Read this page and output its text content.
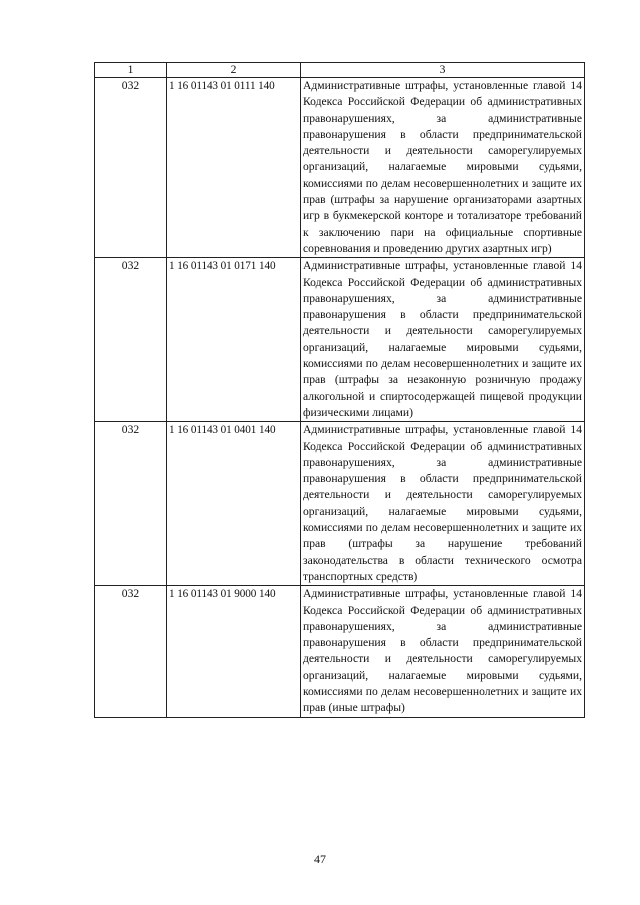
1	2	3
032	1 16 01143 01 0111 140	Административные штрафы, установленные главой 14 Кодекса Российской Федерации об административных правонарушениях, за административные правонарушения в области предпринимательской деятельности и деятельности саморегулируемых организаций, налагаемые мировыми судьями, комиссиями по делам несовершеннолетних и защите их прав (штрафы за нарушение организаторами азартных игр в букмекерской конторе и тотализаторе требований к заключению пари на официальные спортивные соревнования и проведению других азартных игр)
032	1 16 01143 01 0171 140	Административные штрафы, установленные главой 14 Кодекса Российской Федерации об административных правонарушениях, за административные правонарушения в области предпринимательской деятельности и деятельности саморегулируемых организаций, налагаемые мировыми судьями, комиссиями по делам несовершеннолетних и защите их прав (штрафы за незаконную розничную продажу алкогольной и спиртосодержащей пищевой продукции физическими лицами)
032	1 16 01143 01 0401 140	Административные штрафы, установленные главой 14 Кодекса Российской Федерации об административных правонарушениях, за административные правонарушения в области предпринимательской деятельности и деятельности саморегулируемых организаций, налагаемые мировыми судьями, комиссиями по делам несовершеннолетних и защите их прав (штрафы за нарушение требований законодательства в области технического осмотра транспортных средств)
032	1 16 01143 01 9000 140	Административные штрафы, установленные главой 14 Кодекса Российской Федерации об административных правонарушениях, за административные правонарушения в области предпринимательской деятельности и деятельности саморегулируемых организаций, налагаемые мировыми судьями, комиссиями по делам несовершеннолетних и защите их прав (иные штрафы)
47
